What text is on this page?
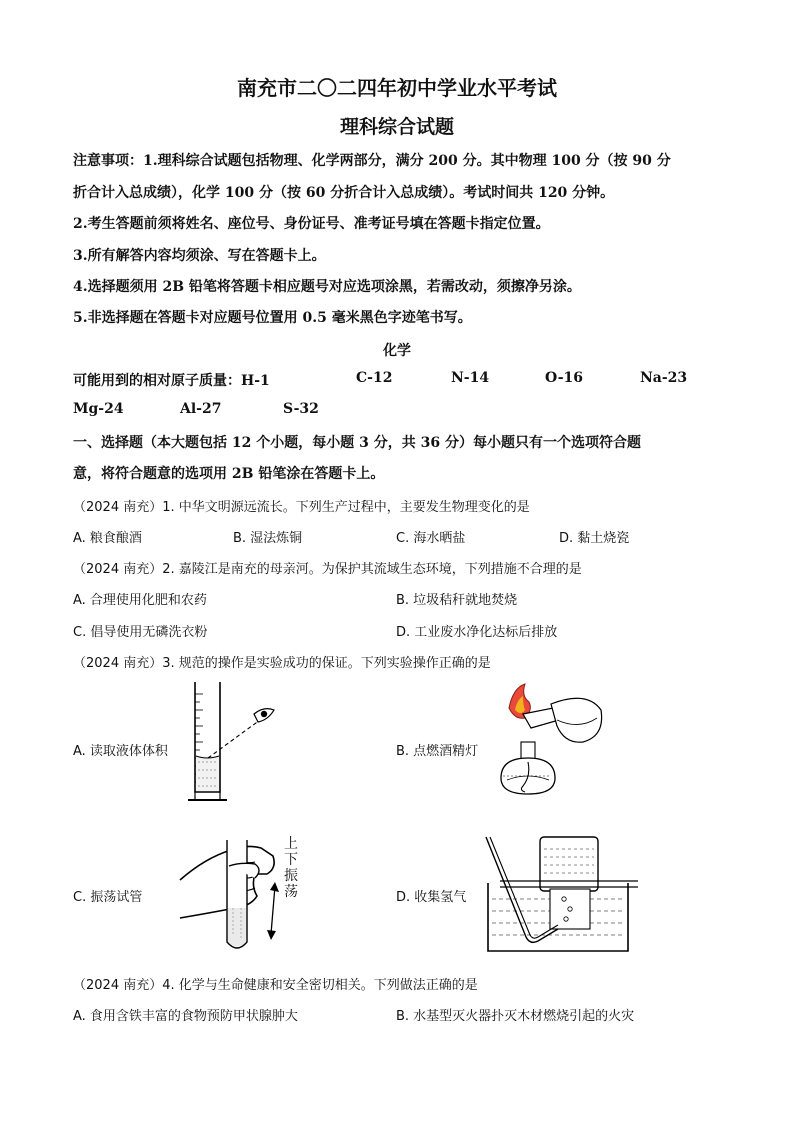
南充市二〇二四年初中学业水平考试
理科综合试题
注意事项：1.理科综合试题包括物理、化学两部分，满分 200 分。其中物理 100 分（按 90 分
折合计入总成绩），化学 100 分（按 60 分折合计入总成绩）。考试时间共 120 分钟。
2.考生答题前须将姓名、座位号、身份证号、准考证号填在答题卡指定位置。
3.所有解答内容均须涂、写在答题卡上。
4.选择题须用 2B 铅笔将答题卡相应题号对应选项涂黑，若需改动，须擦净另涂。
5.非选择题在答题卡对应题号位置用 0.5 毫米黑色字迹笔书写。
化学
可能用到的相对原子质量：H-1	C-12	N-14	O-16	Na-23
Mg-24	Al-27	S-32
一、选择题（本大题包括 12 个小题，每小题 3 分，共 36 分）每小题只有一个选项符合题
意，将符合题意的选项用 2B 铅笔涂在答题卡上。
（2024 南充）1. 中华文明源远流长。下列生产过程中，主要发生物理变化的是
A. 粮食酿酒	B. 湿法炼铜	C. 海水晒盐	D. 黏土烧瓷
（2024 南充）2. 嘉陵江是南充的母亲河。为保护其流域生态环境，下列措施不合理的是
A. 合理使用化肥和农药	B. 垃圾秸秆就地焚烧
C. 倡导使用无磷洗衣粉	D. 工业废水净化达标后排放
（2024 南充）3. 规范的操作是实验成功的保证。下列实验操作正确的是
A. 读取液体体积	B. 点燃酒精灯
C. 振荡试管	D. 收集氢气
上
下
振
荡
（2024 南充）4. 化学与生命健康和安全密切相关。下列做法正确的是
A. 食用含铁丰富的食物预防甲状腺肿大	B. 水基型灭火器扑灭木材燃烧引起的火灾
